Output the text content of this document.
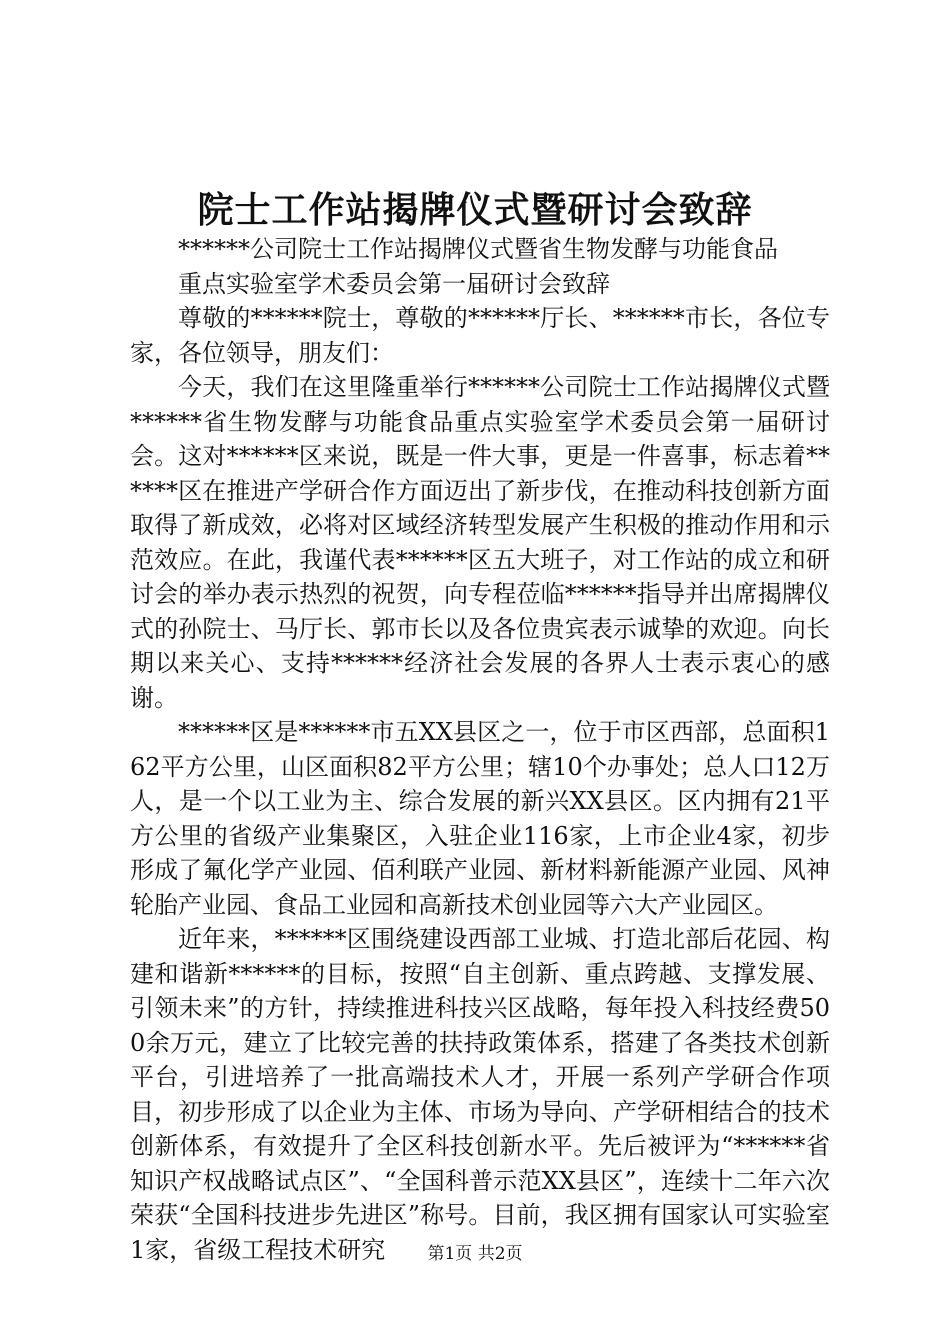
院士工作站揭牌仪式暨研讨会致辞

******公司院士工作站揭牌仪式暨省生物发酵与功能食品

重点实验室学术委员会第一届研讨会致辞

尊敬的******院士，尊敬的******厅长、******市长，各位专家，各位领导，朋友们：

今天，我们在这里隆重举行******公司院士工作站揭牌仪式暨******省生物发酵与功能食品重点实验室学术委员会第一届研讨会。这对******区来说，既是一件大事，更是一件喜事，标志着******区在推进产学研合作方面迈出了新步伐，在推动科技创新方面取得了新成效，必将对区域经济转型发展产生积极的推动作用和示范效应。在此，我谨代表******区五大班子，对工作站的成立和研讨会的举办表示热烈的祝贺，向专程莅临******指导并出席揭牌仪式的孙院士、马厅长、郭市长以及各位贵宾表示诚挚的欢迎。向长期以来关心、支持******经济社会发展的各界人士表示衷心的感谢。

******区是******市五XX县区之一，位于市区西部，总面积162平方公里，山区面积82平方公里；辖10个办事处；总人口12万人，是一个以工业为主、综合发展的新兴XX县区。区内拥有21平方公里的省级产业集聚区，入驻企业116家，上市企业4家，初步形成了氟化学产业园、佰利联产业园、新材料新能源产业园、风神轮胎产业园、食品工业园和高新技术创业园等六大产业园区。

近年来，******区围绕建设西部工业城、打造北部后花园、构建和谐新******的目标，按照“自主创新、重点跨越、支撑发展、引领未来”的方针，持续推进科技兴区战略，每年投入科技经费500余万元，建立了比较完善的扶持政策体系，搭建了各类技术创新平台，引进培养了一批高端技术人才，开展一系列产学研合作项目，初步形成了以企业为主体、市场为导向、产学研相结合的技术创新体系，有效提升了全区科技创新水平。先后被评为“******省知识产权战略试点区”、“全国科普示范XX县区”，连续十二年六次荣获“全国科技进步先进区”称号。目前，我区拥有国家认可实验室1家，省级工程技术研究	第1页 共2页
